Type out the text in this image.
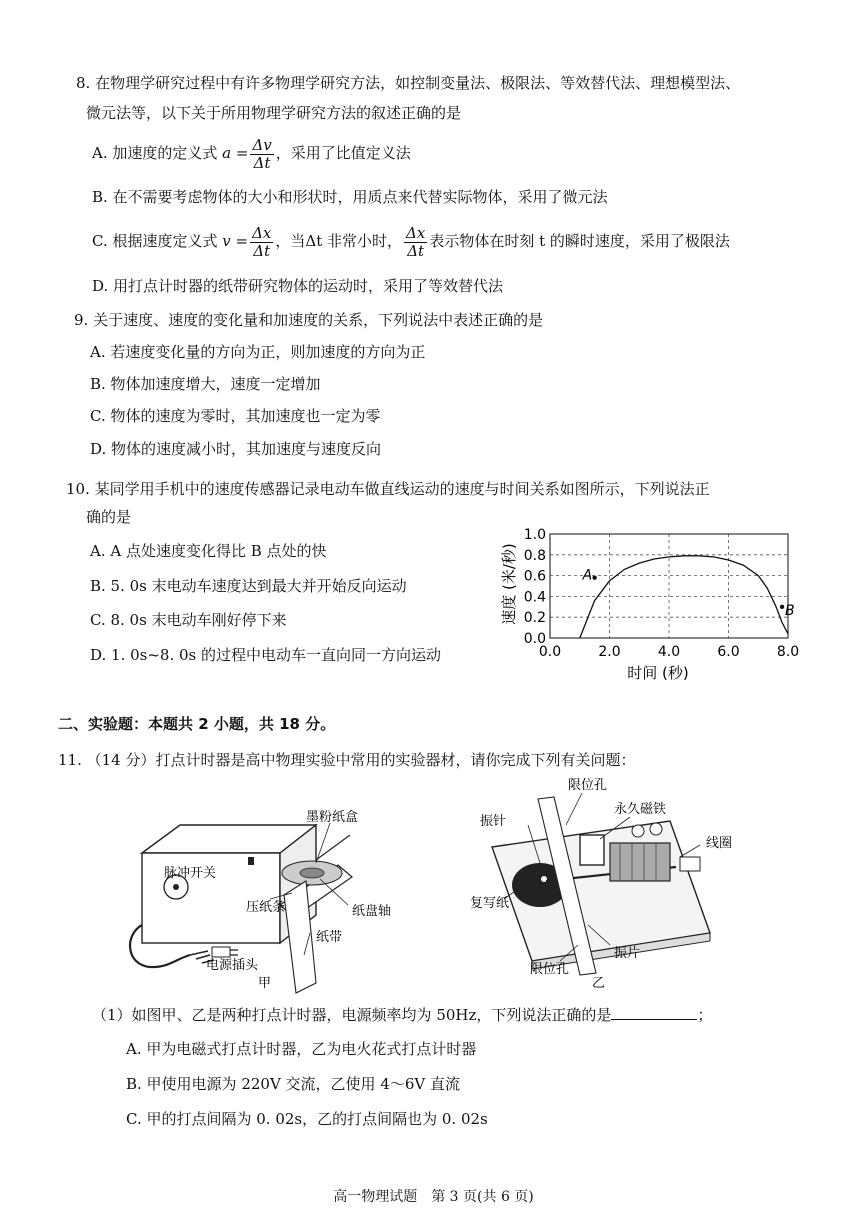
8. 在物理学研究过程中有许多物理学研究方法，如控制变量法、极限法、等效替代法、理想模型法、
微元法等，以下关于所用物理学研究方法的叙述正确的是
A. 加速度的定义式 $a = \frac{\Delta v}{\Delta t}$ ，采用了比值定义法
B. 在不需要考虑物体的大小和形状时，用质点来代替实际物体，采用了微元法
C. 根据速度定义式 $v = \frac{\Delta x}{\Delta t}$ ，当Δt 非常小时， $\frac{\Delta x}{\Delta t}$ 表示物体在时刻 t 的瞬时速度，采用了极限法
D. 用打点计时器的纸带研究物体的运动时，采用了等效替代法
9. 关于速度、速度的变化量和加速度的关系，下列说法中表述正确的是
A. 若速度变化量的方向为正，则加速度的方向为正
B. 物体加速度增大，速度一定增加
C. 物体的速度为零时，其加速度也一定为零
D. 物体的速度减小时，其加速度与速度反向
10. 某同学用手机中的速度传感器记录电动车做直线运动的速度与时间关系如图所示，下列说法正
确的是
A. A 点处速度变化得比 B 点处的快
B. 5. 0s 末电动车速度达到最大并开始反向运动
C. 8. 0s 末电动车刚好停下来
D. 1. 0s~8. 0s 的过程中电动车一直向同一方向运动	0.0	2.0	4.0	6.0	8.0
0.0
0.2
0.4
0.6
0.8
1.0
A
B
时间 (秒)
速度 (米/秒)
二、实验题：本题共 2 小题，共 18 分。
11. （14 分）打点计时器是高中物理实验中常用的实验器材，请你完成下列有关问题：
墨粉纸盒
脉冲开关
压纸条	纸盘轴
纸带
电源插头
甲
限位孔
永久磁铁
振针
线圈
复写纸
振片
限位孔
乙
（1）如图甲、乙是两种打点计时器，电源频率均为 50Hz，下列说法正确的是	；
A. 甲为电磁式打点计时器，乙为电火花式打点计时器
B. 甲使用电源为 220V 交流，乙使用 4～6V 直流
C. 甲的打点间隔为 0. 02s，乙的打点间隔也为 0. 02s
高一物理试题　第 3 页(共 6 页)
